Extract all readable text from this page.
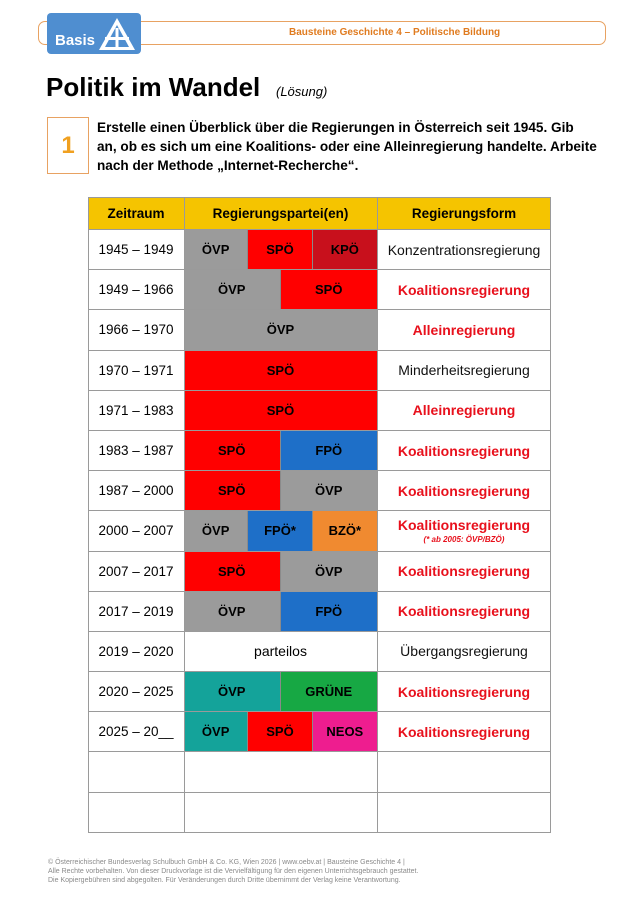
Bausteine Geschichte 4 – Politische Bildung
Basis
Politik im Wandel (Lösung)
1
Erstelle einen Überblick über die Regierungen in Österreich seit 1945. Gib an, ob es sich um eine Koalitions- oder eine Alleinregierung handelte. Arbeite nach der Methode „Internet-Recherche“.
Zeitraum	Regierungspartei(en)	Regierungsform
1945 – 1949	ÖVP	SPÖ	KPÖ	Konzentrationsregierung
1949 – 1966	ÖVP	SPÖ	Koalitionsregierung
1966 – 1970	ÖVP	Alleinregierung
1970 – 1971	SPÖ	Minderheitsregierung
1971 – 1983	SPÖ	Alleinregierung
1983 – 1987	SPÖ	FPÖ	Koalitionsregierung
1987 – 2000	SPÖ	ÖVP	Koalitionsregierung
2000 – 2007	ÖVP	FPÖ*	BZÖ*	Koalitionsregierung
(* ab 2005: ÖVP/BZÖ)
2007 – 2017	SPÖ	ÖVP	Koalitionsregierung
2017 – 2019	ÖVP	FPÖ	Koalitionsregierung
2019 – 2020	parteilos	Übergangsregierung
2020 – 2025	ÖVP	GRÜNE	Koalitionsregierung
2025 – 20__	ÖVP	SPÖ	NEOS	Koalitionsregierung
© Österreichischer Bundesverlag Schulbuch GmbH & Co. KG, Wien 2026 | www.oebv.at | Bausteine Geschichte 4 |
Alle Rechte vorbehalten. Von dieser Druckvorlage ist die Vervielfältigung für den eigenen Unterrichtsgebrauch gestattet.
Die Kopiergebühren sind abgegolten. Für Veränderungen durch Dritte übernimmt der Verlag keine Verantwortung.
